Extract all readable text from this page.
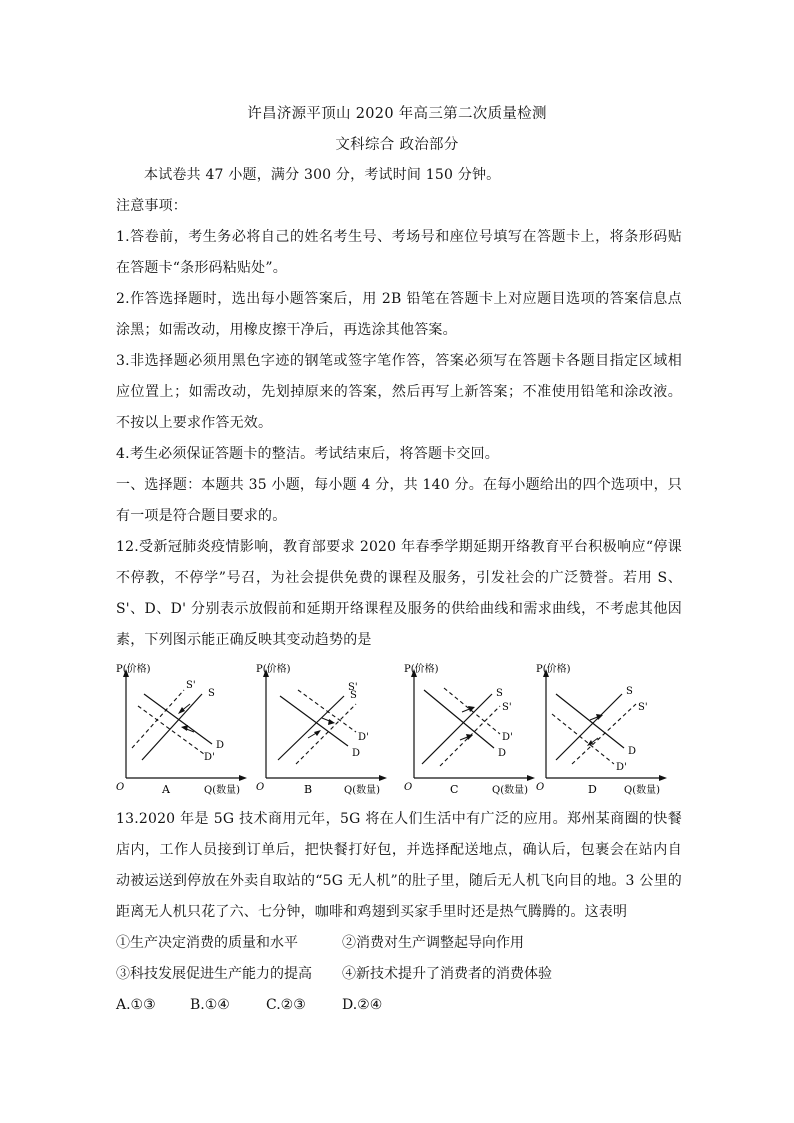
许昌济源平顶山 2020 年高三第二次质量检测
文科综合 政治部分
本试卷共 47 小题，满分 300 分，考试时间 150 分钟。
注意事项：
1.答卷前，考生务必将自己的姓名考生号、考场号和座位号填写在答题卡上，将条形码贴在答题卡“条形码粘贴处”。
2.作答选择题时，选出每小题答案后，用 2B 铅笔在答题卡上对应题目选项的答案信息点涂黑；如需改动，用橡皮擦干净后，再选涂其他答案。
3.非选择题必须用黑色字迹的钢笔或签字笔作答，答案必须写在答题卡各题目指定区域相应位置上；如需改动，先划掉原来的答案，然后再写上新答案；不准使用铅笔和涂改液。不按以上要求作答无效。
4.考生必须保证答题卡的整洁。考试结束后，将答题卡交回。
一、选择题：本题共 35 小题，每小题 4 分，共 140 分。在每小题给出的四个选项中，只有一项是符合题目要求的。
12.受新冠肺炎疫情影响，教育部要求 2020 年春季学期延期开络教育平台积极响应“停课不停教，不停学”号召，为社会提供免费的课程及服务，引发社会的广泛赞誉。若用 S、S'、D、D' 分别表示放假前和延期开络课程及服务的供给曲线和需求曲线，不考虑其他因素，下列图示能正确反映其变动趋势的是
P(价格)
O	Q(数量)
S
S'
D
D'
A
P(价格)
O	Q(数量)
S
S'
D
D'
B
P(价格)
O	Q(数量)
S
S'
D
D'
C
P(价格)
O	Q(数量)
S
S'
D
D'
D
13.2020 年是 5G 技术商用元年，5G 将在人们生活中有广泛的应用。郑州某商圈的快餐店内，工作人员接到订单后，把快餐打好包，并选择配送地点，确认后，包裹会在站内自动被运送到停放在外卖自取站的“5G 无人机”的肚子里，随后无人机飞向目的地。3 公里的距离无人机只花了六、七分钟，咖啡和鸡翅到买家手里时还是热气腾腾的。这表明
①生产决定消费的质量和水平	②消费对生产调整起导向作用
③科技发展促进生产能力的提高 ④新技术提升了消费者的消费体验
A.①③ B.①④	C.②③	D.②④
